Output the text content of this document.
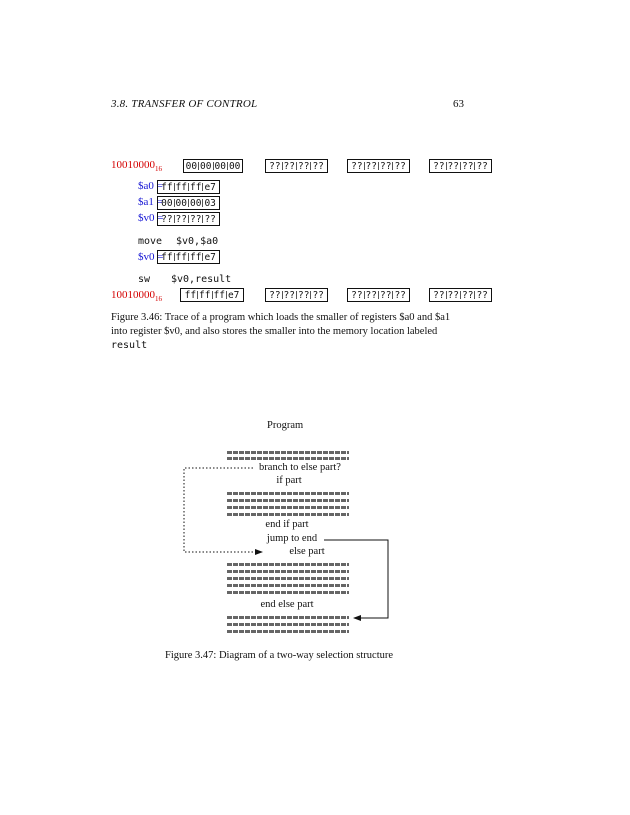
3.8. TRANSFER OF CONTROL	63
$10010000_{16}$ 00 00 00 00	?? ?? ?? ??	?? ?? ?? ??	?? ?? ?? ??
$a0 =
ff ff ff e7
$a1 =
00 00 00 03
$v0 =
?? ?? ?? ??
move $v0,$a0
$v0 =
ff ff ff e7
sw $v0,result
$10010000_{16}$	ff ff ff e7	?? ?? ?? ??	?? ?? ?? ??	?? ?? ?? ??
Figure 3.46: Trace of a program which loads the smaller of registers $a0 and $a1
into register $v0, and also stores the smaller into the memory location labeled
result
Program
branch to else part?
if part
end if part
jump to end
else part
end else part
Figure 3.47: Diagram of a two-way selection structure
